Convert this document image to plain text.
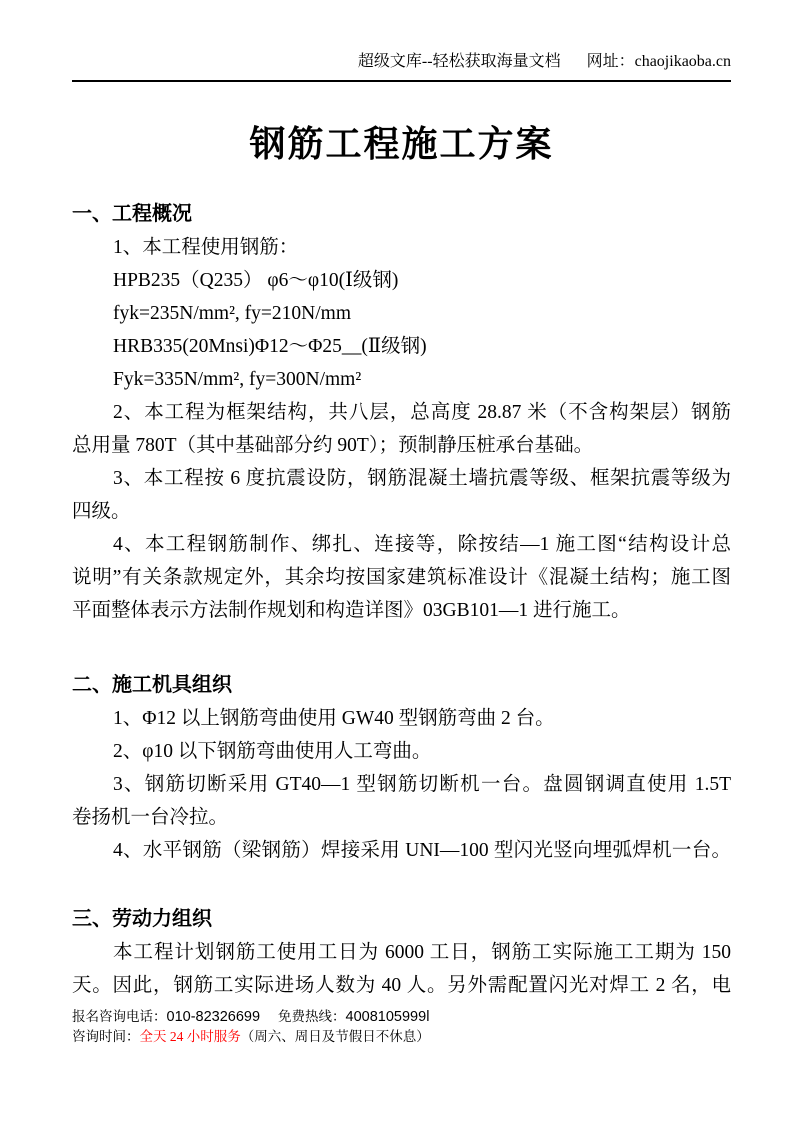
超级文库--轻松获取海量文档 网址：chaojikaoba.cn
钢筋工程施工方案
一、工程概况
1、本工程使用钢筋：
HPB235（Q235） φ6～φ10(Ⅰ级钢)
fyk=235N/mm², fy=210N/mm
HRB335(20Mnsi)Φ12～Φ25__(Ⅱ级钢)
Fyk=335N/mm², fy=300N/mm²
2、本工程为框架结构，共八层，总高度 28.87 米（不含构架层）钢筋
总用量 780T（其中基础部分约 90T）；预制静压桩承台基础。
3、本工程按 6 度抗震设防，钢筋混凝土墙抗震等级、框架抗震等级为
四级。
4、本工程钢筋制作、绑扎、连接等，除按结—1 施工图“结构设计总
说明”有关条款规定外，其余均按国家建筑标准设计《混凝土结构；施工图
平面整体表示方法制作规划和构造详图》03GB101—1 进行施工。
二、施工机具组织
1、Φ12 以上钢筋弯曲使用 GW40 型钢筋弯曲 2 台。
2、φ10 以下钢筋弯曲使用人工弯曲。
3、钢筋切断采用 GT40—1 型钢筋切断机一台。盘圆钢调直使用 1.5T
卷扬机一台冷拉。
4、水平钢筋（梁钢筋）焊接采用 UNI—100 型闪光竖向埋弧焊机一台。
三、劳动力组织
本工程计划钢筋工使用工日为 6000 工日，钢筋工实际施工工期为 150
天。因此，钢筋工实际进场人数为 40 人。另外需配置闪光对焊工 2 名，电
报名咨询电话：010-82326699 免费热线：4008105999l
咨询时间：全天 24 小时服务（周六、周日及节假日不休息）
